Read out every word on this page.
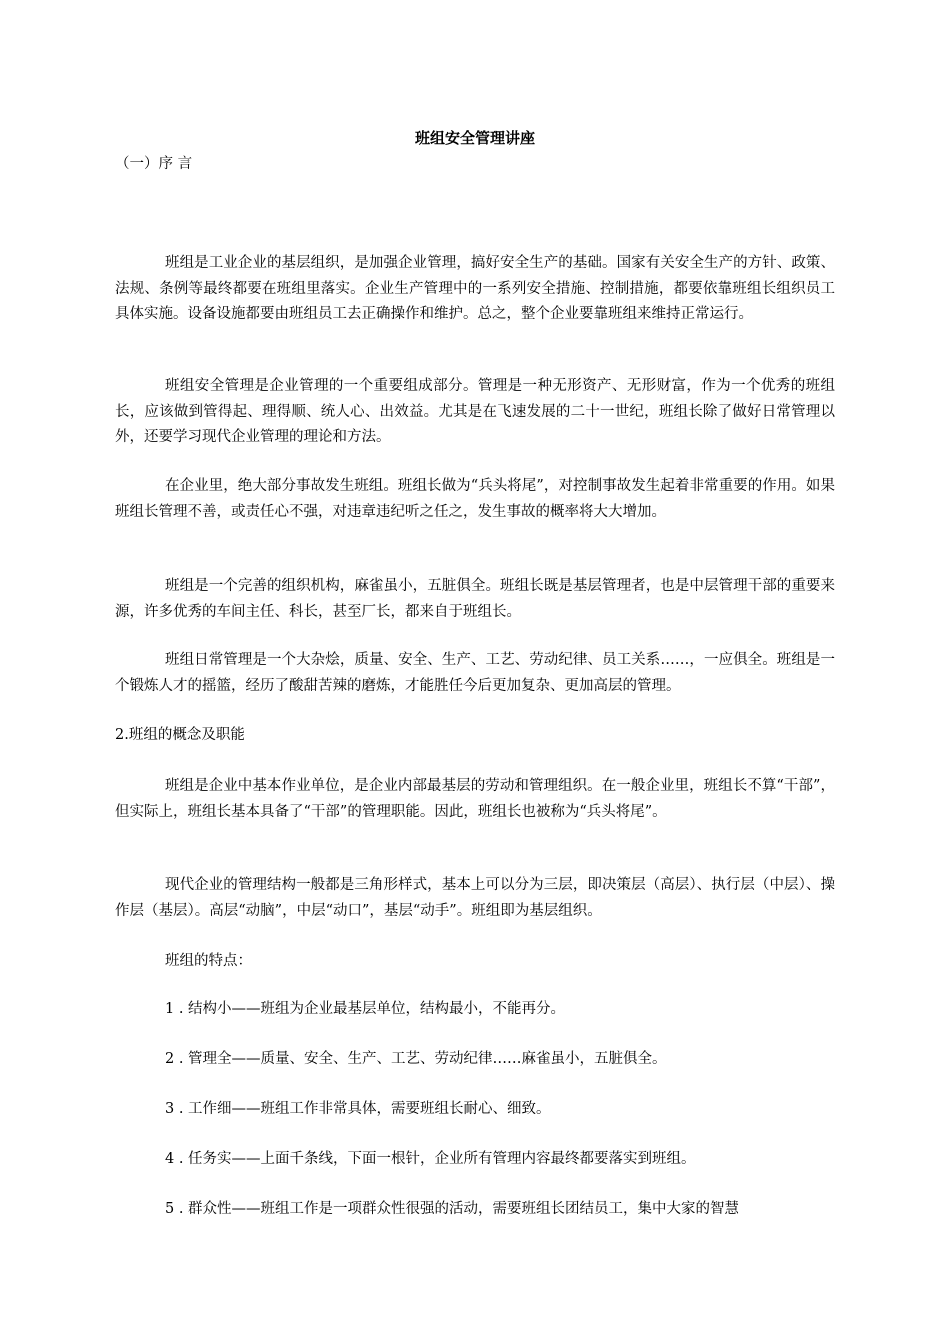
班组安全管理讲座
（一）序 言

班组是工业企业的基层组织，是加强企业管理，搞好安全生产的基础。国家有关安全生产的方针、政策、法规、条例等最终都要在班组里落实。企业生产管理中的一系列安全措施、控制措施，都要依靠班组长组织员工具体实施。设备设施都要由班组员工去正确操作和维护。总之，整个企业要靠班组来维持正常运行。

班组安全管理是企业管理的一个重要组成部分。管理是一种无形资产、无形财富，作为一个优秀的班组长，应该做到管得起、理得顺、统人心、出效益。尤其是在飞速发展的二十一世纪，班组长除了做好日常管理以外，还要学习现代企业管理的理论和方法。

在企业里，绝大部分事故发生班组。班组长做为“兵头将尾”，对控制事故发生起着非常重要的作用。如果班组长管理不善，或责任心不强，对违章违纪听之任之，发生事故的概率将大大增加。

班组是一个完善的组织机构，麻雀虽小，五脏俱全。班组长既是基层管理者，也是中层管理干部的重要来源，许多优秀的车间主任、科长，甚至厂长，都来自于班组长。

班组日常管理是一个大杂烩，质量、安全、生产、工艺、劳动纪律、员工关系……，一应俱全。班组是一个锻炼人才的摇篮，经历了酸甜苦辣的磨炼，才能胜任今后更加复杂、更加高层的管理。

2.班组的概念及职能

班组是企业中基本作业单位，是企业内部最基层的劳动和管理组织。在一般企业里，班组长不算“干部”，但实际上，班组长基本具备了“干部”的管理职能。因此，班组长也被称为“兵头将尾”。

现代企业的管理结构一般都是三角形样式，基本上可以分为三层，即决策层（高层）、执行层（中层）、操作层（基层）。高层“动脑”，中层“动口”，基层“动手”。班组即为基层组织。

班组的特点：

1 . 结构小——班组为企业最基层单位，结构最小，不能再分。

2 . 管理全——质量、安全、生产、工艺、劳动纪律……麻雀虽小，五脏俱全。

3 . 工作细——班组工作非常具体，需要班组长耐心、细致。

4 . 任务实——上面千条线，下面一根针，企业所有管理内容最终都要落实到班组。

5 . 群众性——班组工作是一项群众性很强的活动，需要班组长团结员工，集中大家的智慧
